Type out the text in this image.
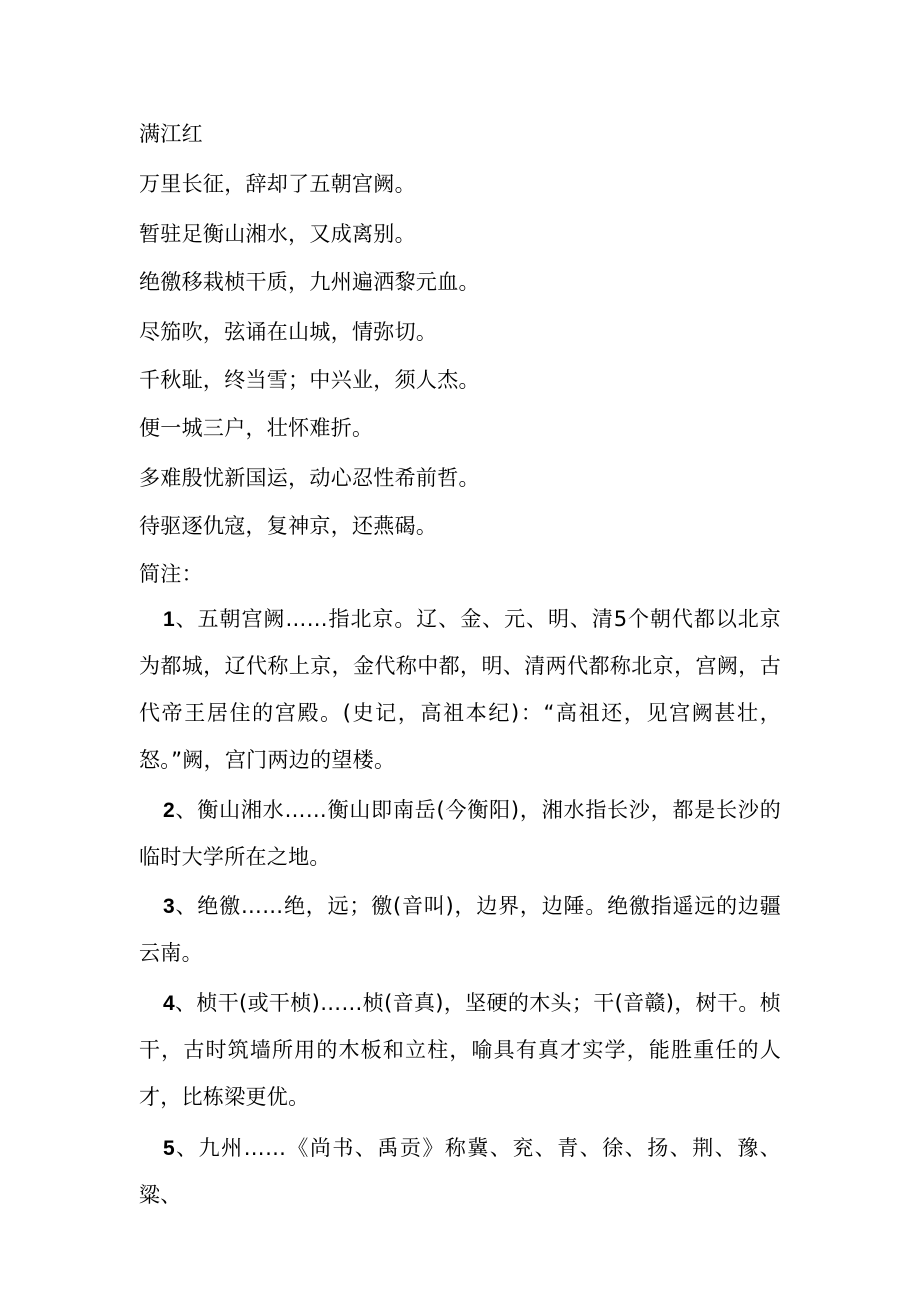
满江红
万里长征，辞却了五朝宫阙。
暂驻足衡山湘水，又成离别。
绝徼移栽桢干质，九州遍洒黎元血。
尽笳吹，弦诵在山城，情弥切。
千秋耻，终当雪；中兴业，须人杰。
便一城三户，壮怀难折。
多难殷忧新国运，动心忍性希前哲。
待驱逐仇寇，复神京，还燕碣。
简注：
1、五朝宫阙……指北京。辽、金、元、明、清5个朝代都以北京为都城，辽代称上京，金代称中都，明、清两代都称北京，宫阙，古代帝王居住的宫殿。(史记，高祖本纪)：“高祖还，见宫阙甚壮，怒。”阙，宫门两边的望楼。
2、衡山湘水……衡山即南岳(今衡阳)，湘水指长沙，都是长沙的临时大学所在之地。
3、绝徼……绝，远；徼(音叫)，边界，边陲。绝徼指遥远的边疆云南。
4、桢干(或干桢)……桢(音真)，坚硬的木头；干(音赣)，树干。桢干，古时筑墙所用的木板和立柱，喻具有真才实学，能胜重任的人才，比栋梁更优。
5、九州……《尚书、禹贡》称冀、兖、青、徐、扬、荆、豫、粱、
